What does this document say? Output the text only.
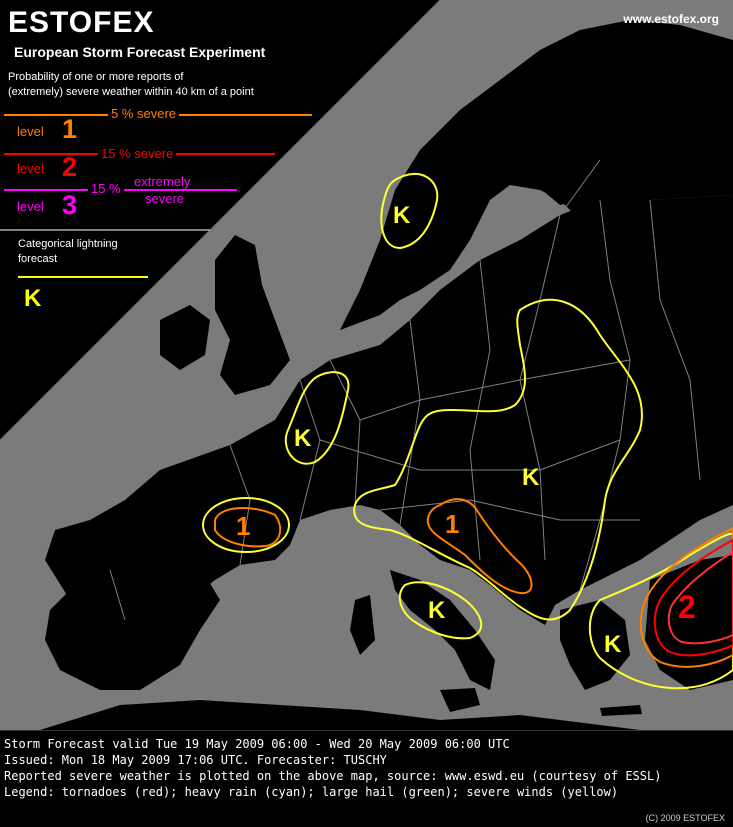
K
K
K
K
K
1	1
2
K
ESTOFEX
European Storm Forecast Experiment
www.estofex.org
Probability of one or more reports of
(extremely) severe weather within 40 km of a point
5 % severe
level 1
level 2 15 % severe
level 3
15 % extremely
severe
Categorical lightning
forecast
Storm Forecast valid Tue 19 May 2009 06:00 - Wed 20 May 2009 06:00 UTC
Issued: Mon 18 May 2009 17:06 UTC. Forecaster: TUSCHY
Reported severe weather is plotted on the above map, source: www.eswd.eu (courtesy of ESSL)
Legend: tornadoes (red); heavy rain (cyan); large hail (green); severe winds (yellow)
(C) 2009 ESTOFEX
